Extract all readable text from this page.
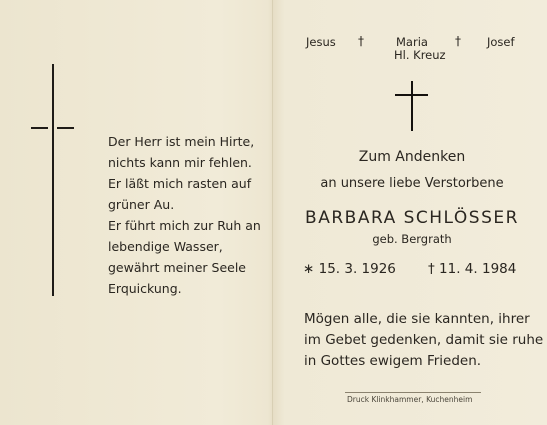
Der Herr ist mein Hirte,
nichts kann mir fehlen.
Er läßt mich rasten auf
grüner Au.
Er führt mich zur Ruh an
lebendige Wasser,
gewährt meiner Seele
Erquickung.
Jesus †	Maria
Hl. Kreuz
† Josef
Zum Andenken
an unsere liebe Verstorbene
BARBARA SCHLÖSSER
geb. Bergrath
∗ 15. 3. 1926 † 11. 4. 1984
Mögen alle, die sie kannten, ihrer
im Gebet gedenken, damit sie ruhe
in Gottes ewigem Frieden.
Druck Klinkhammer, Kuchenheim
